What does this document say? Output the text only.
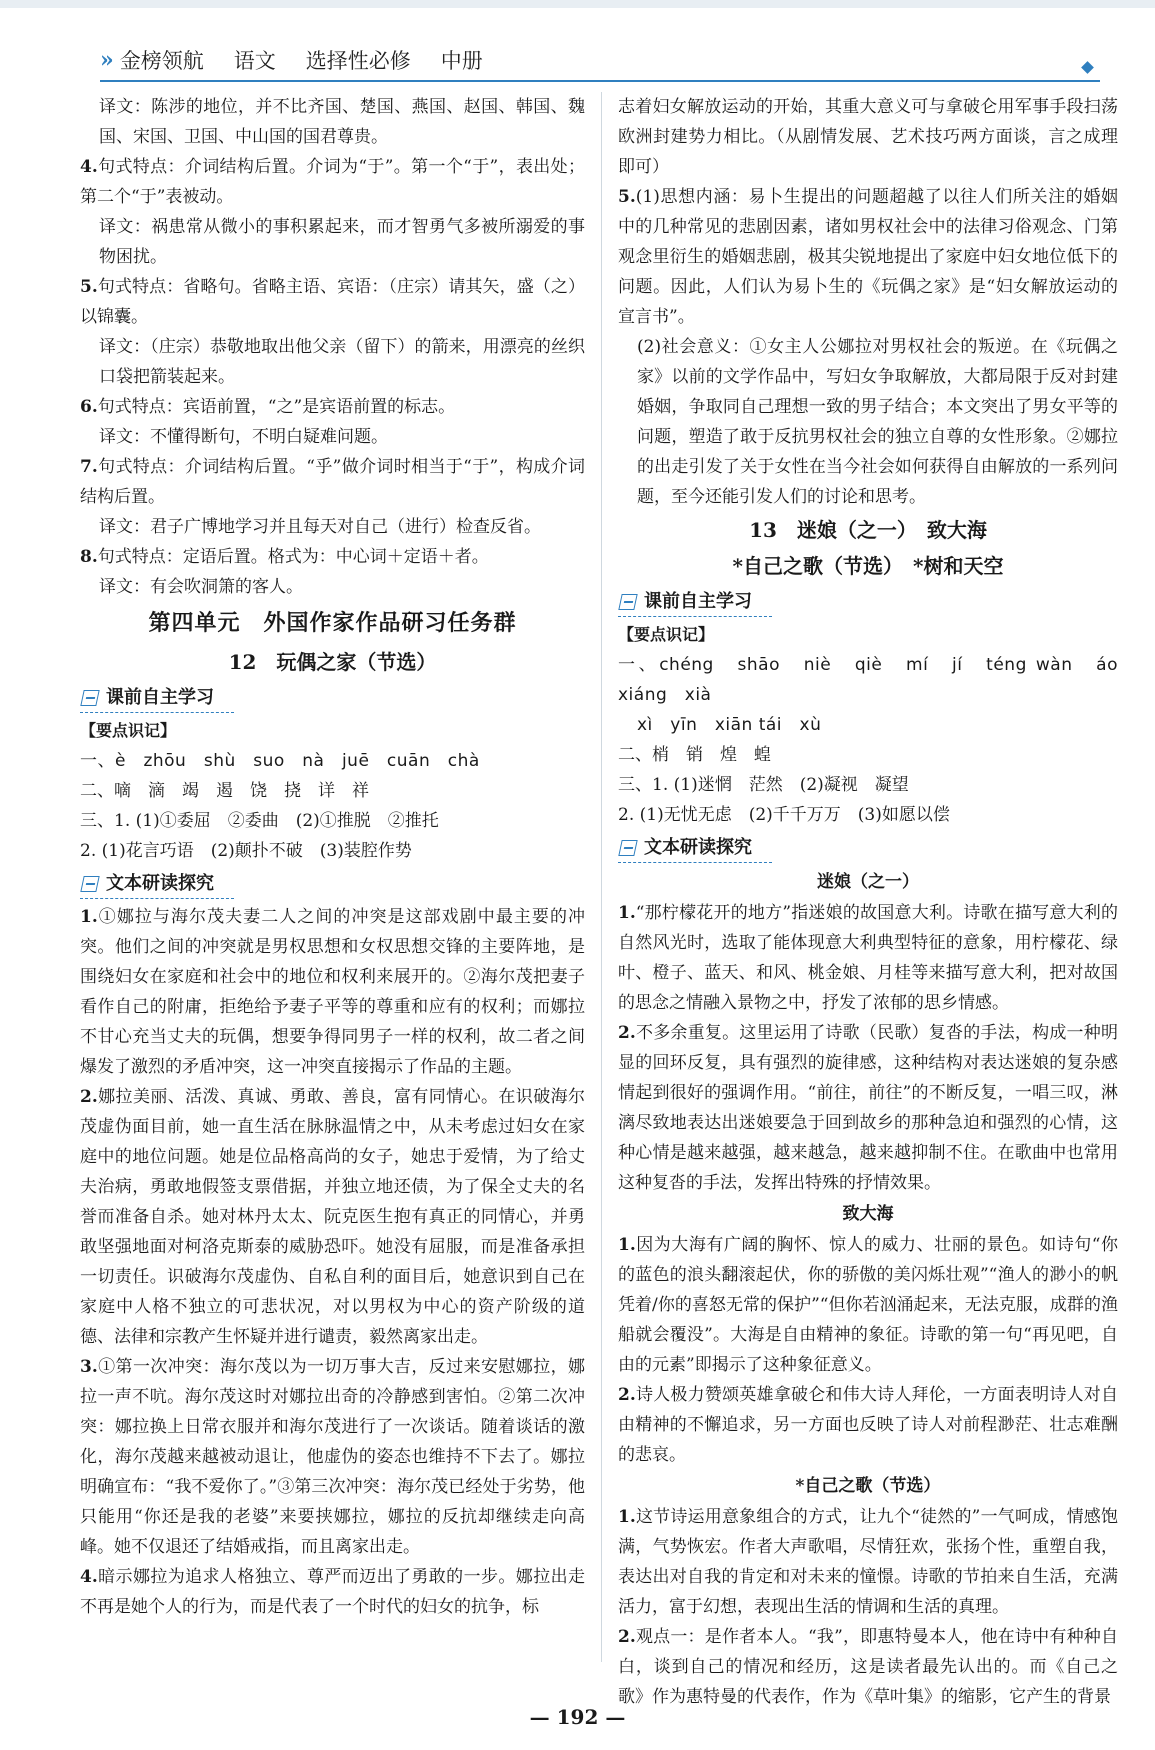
» 金榜领航 语文 选择性必修 中册

译文：陈涉的地位，并不比齐国、楚国、燕国、赵国、韩国、魏国、宋国、卫国、中山国的国君尊贵。

4.句式特点：介词结构后置。介词为“于”。第一个“于”，表出处；第二个“于”表被动。

译文：祸患常从微小的事积累起来，而才智勇气多被所溺爱的事物困扰。

5.句式特点：省略句。省略主语、宾语：（庄宗）请其矢，盛（之）以锦囊。

译文：（庄宗）恭敬地取出他父亲（留下）的箭来，用漂亮的丝织口袋把箭装起来。

6.句式特点：宾语前置，“之”是宾语前置的标志。

译文：不懂得断句，不明白疑难问题。

7.句式特点：介词结构后置。“乎”做介词时相当于“于”，构成介词结构后置。

译文：君子广博地学习并且每天对自己（进行）检查反省。

8.句式特点：定语后置。格式为：中心词＋定语＋者。

译文：有会吹洞箫的客人。

第四单元　外国作家作品研习任务群
12　玩偶之家（节选）
课前自主学习
【要点识记】

一、è　zhōu　shù　suo　nà　juē　cuān　chà

二、嘀　滴　竭　遏　饶　挠　详　祥

三、1. (1)①委屈　②委曲　(2)①推脱　②推托

2. (1)花言巧语　(2)颠扑不破　(3)装腔作势

文本研读探究

1.①娜拉与海尔茂夫妻二人之间的冲突是这部戏剧中最主要的冲突。他们之间的冲突就是男权思想和女权思想交锋的主要阵地，是围绕妇女在家庭和社会中的地位和权利来展开的。②海尔茂把妻子看作自己的附庸，拒绝给予妻子平等的尊重和应有的权利；而娜拉不甘心充当丈夫的玩偶，想要争得同男子一样的权利，故二者之间爆发了激烈的矛盾冲突，这一冲突直接揭示了作品的主题。

2.娜拉美丽、活泼、真诚、勇敢、善良，富有同情心。在识破海尔茂虚伪面目前，她一直生活在脉脉温情之中，从未考虑过妇女在家庭中的地位问题。她是位品格高尚的女子，她忠于爱情，为了给丈夫治病，勇敢地假签支票借据，并独立地还债，为了保全丈夫的名誉而准备自杀。她对林丹太太、阮克医生抱有真正的同情心，并勇敢坚强地面对柯洛克斯泰的威胁恐吓。她没有屈服，而是准备承担一切责任。识破海尔茂虚伪、自私自利的面目后，她意识到自己在家庭中人格不独立的可悲状况，对以男权为中心的资产阶级的道德、法律和宗教产生怀疑并进行谴责，毅然离家出走。

3.①第一次冲突：海尔茂以为一切万事大吉，反过来安慰娜拉，娜拉一声不吭。海尔茂这时对娜拉出奇的冷静感到害怕。②第二次冲突：娜拉换上日常衣服并和海尔茂进行了一次谈话。随着谈话的激化，海尔茂越来越被动退让，他虚伪的姿态也维持不下去了。娜拉明确宣布：“我不爱你了。”③第三次冲突：海尔茂已经处于劣势，他只能用“你还是我的老婆”来要挟娜拉，娜拉的反抗却继续走向高峰。她不仅退还了结婚戒指，而且离家出走。

4.暗示娜拉为追求人格独立、尊严而迈出了勇敢的一步。娜拉出走不再是她个人的行为，而是代表了一个时代的妇女的抗争，标

志着妇女解放运动的开始，其重大意义可与拿破仑用军事手段扫荡欧洲封建势力相比。（从剧情发展、艺术技巧两方面谈，言之成理即可）

5.(1)思想内涵：易卜生提出的问题超越了以往人们所关注的婚姻中的几种常见的悲剧因素，诸如男权社会中的法律习俗观念、门第观念里衍生的婚姻悲剧，极其尖锐地提出了家庭中妇女地位低下的问题。因此，人们认为易卜生的《玩偶之家》是“妇女解放运动的宣言书”。

(2)社会意义：①女主人公娜拉对男权社会的叛逆。在《玩偶之家》以前的文学作品中，写妇女争取解放，大都局限于反对封建婚姻，争取同自己理想一致的男子结合；本文突出了男女平等的问题，塑造了敢于反抗男权社会的独立自尊的女性形象。②娜拉的出走引发了关于女性在当今社会如何获得自由解放的一系列问题，至今还能引发人们的讨论和思考。

13　迷娘（之一）　致大海
*自己之歌（节选）　*树和天空
课前自主学习
【要点识记】

一、chéng　shāo　niè　qiè　mí　jí　téng wàn　áo xiáng　xià

xì　yīn　xiān tái　xù

二、梢　销　煌　蝗

三、1. (1)迷惘　茫然　(2)凝视　凝望

2. (1)无忧无虑　(2)千千万万　(3)如愿以偿

文本研读探究
迷娘（之一）

1.“那柠檬花开的地方”指迷娘的故国意大利。诗歌在描写意大利的自然风光时，选取了能体现意大利典型特征的意象，用柠檬花、绿叶、橙子、蓝天、和风、桃金娘、月桂等来描写意大利，把对故国的思念之情融入景物之中，抒发了浓郁的思乡情感。

2.不多余重复。这里运用了诗歌（民歌）复沓的手法，构成一种明显的回环反复，具有强烈的旋律感，这种结构对表达迷娘的复杂感情起到很好的强调作用。“前往，前往”的不断反复，一唱三叹，淋漓尽致地表达出迷娘要急于回到故乡的那种急迫和强烈的心情，这种心情是越来越强，越来越急，越来越抑制不住。在歌曲中也常用这种复沓的手法，发挥出特殊的抒情效果。

致大海

1.因为大海有广阔的胸怀、惊人的威力、壮丽的景色。如诗句“你的蓝色的浪头翻滚起伏，你的骄傲的美闪烁壮观”“渔人的渺小的帆凭着/你的喜怒无常的保护”“但你若汹涌起来，无法克服，成群的渔船就会覆没”。大海是自由精神的象征。诗歌的第一句“再见吧，自由的元素”即揭示了这种象征意义。

2.诗人极力赞颂英雄拿破仑和伟大诗人拜伦，一方面表明诗人对自由精神的不懈追求，另一方面也反映了诗人对前程渺茫、壮志难酬的悲哀。

*自己之歌（节选）

1.这节诗运用意象组合的方式，让九个“徒然的”一气呵成，情感饱满，气势恢宏。作者大声歌唱，尽情狂欢，张扬个性，重塑自我，表达出对自我的肯定和对未来的憧憬。诗歌的节拍来自生活，充满活力，富于幻想，表现出生活的情调和生活的真理。

2.观点一：是作者本人。“我”，即惠特曼本人，他在诗中有种种自白，谈到自己的情况和经历，这是读者最先认出的。而《自己之歌》作为惠特曼的代表作，作为《草叶集》的缩影，它产生的背景

— 192 —
